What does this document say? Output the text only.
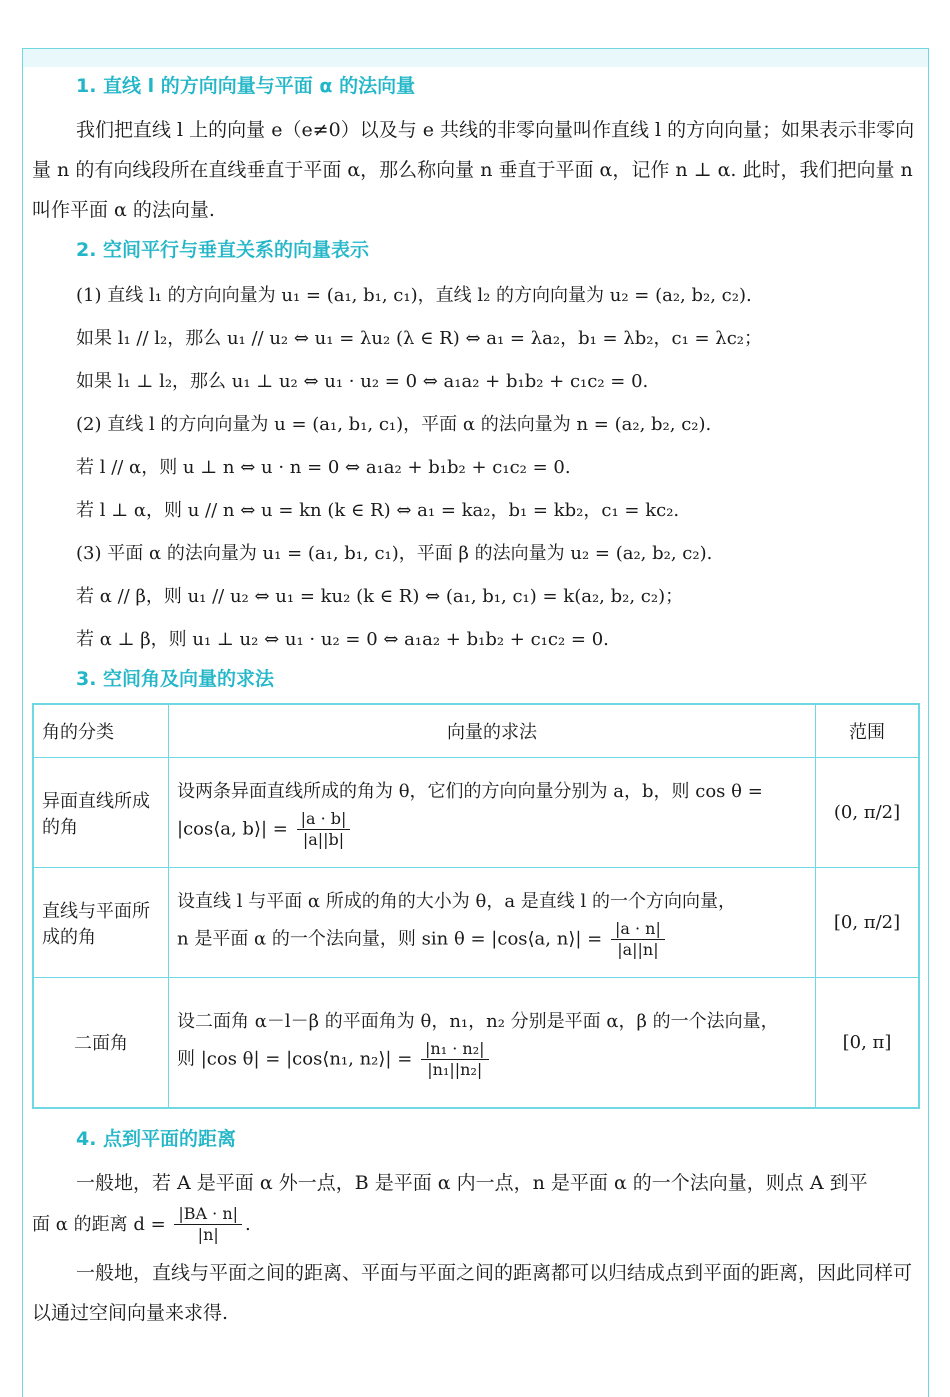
1. 直线 l 的方向向量与平面 α 的法向量

我们把直线 l 上的向量 e（e≠0）以及与 e 共线的非零向量叫作直线 l 的方向向量；如果表示非零向量 n 的有向线段所在直线垂直于平面 α，那么称向量 n 垂直于平面 α，记作 n ⊥ α. 此时，我们把向量 n 叫作平面 α 的法向量.

2. 空间平行与垂直关系的向量表示

(1) 直线 l₁ 的方向向量为 u₁ = (a₁, b₁, c₁)，直线 l₂ 的方向向量为 u₂ = (a₂, b₂, c₂).

如果 l₁ // l₂，那么 u₁ // u₂ ⇔ u₁ = λu₂ (λ ∈ R) ⇔ a₁ = λa₂，b₁ = λb₂，c₁ = λc₂；

如果 l₁ ⊥ l₂，那么 u₁ ⊥ u₂ ⇔ u₁ · u₂ = 0 ⇔ a₁a₂ + b₁b₂ + c₁c₂ = 0.

(2) 直线 l 的方向向量为 u = (a₁, b₁, c₁)，平面 α 的法向量为 n = (a₂, b₂, c₂).

若 l // α，则 u ⊥ n ⇔ u · n = 0 ⇔ a₁a₂ + b₁b₂ + c₁c₂ = 0.

若 l ⊥ α，则 u // n ⇔ u = kn (k ∈ R) ⇔ a₁ = ka₂，b₁ = kb₂，c₁ = kc₂.

(3) 平面 α 的法向量为 u₁ = (a₁, b₁, c₁)，平面 β 的法向量为 u₂ = (a₂, b₂, c₂).

若 α // β，则 u₁ // u₂ ⇔ u₁ = ku₂ (k ∈ R) ⇔ (a₁, b₁, c₁) = k(a₂, b₂, c₂)；

若 α ⊥ β，则 u₁ ⊥ u₂ ⇔ u₁ · u₂ = 0 ⇔ a₁a₂ + b₁b₂ + c₁c₂ = 0.

3. 空间角及向量的求法
角的分类	向量的求法	范围
异面直线所成的角	设两条异面直线所成的角为 θ，它们的方向向量分别为 a，b，则 cos θ =
|cos⟨a, b⟩| = $\frac{|a \cdot b|}{|a||b|}$	(0, π/2]
直线与平面所成的角	设直线 l 与平面 α 所成的角的大小为 θ，a 是直线 l 的一个方向向量，
n 是平面 α 的一个法向量，则 sin θ = |cos⟨a, n⟩| = $\frac{|a \cdot n|}{|a||n|}$	[0, π/2]
二面角	设二面角 α－l－β 的平面角为 θ，n₁，n₂ 分别是平面 α，β 的一个法向量，
则 |cos θ| = |cos⟨n₁, n₂⟩| = $\frac{\text{|n₁ · n₂|}}{\text{|n₁||n₂|}}$	[0, π]
4. 点到平面的距离

一般地，若 A 是平面 α 外一点，B 是平面 α 内一点，n 是平面 α 的一个法向量，则点 A 到平

面 α 的距离 $d = \frac{|BA \cdot n|}{|n|}$ .

一般地，直线与平面之间的距离、平面与平面之间的距离都可以归结成点到平面的距离，因此同样可以通过空间向量来求得.
